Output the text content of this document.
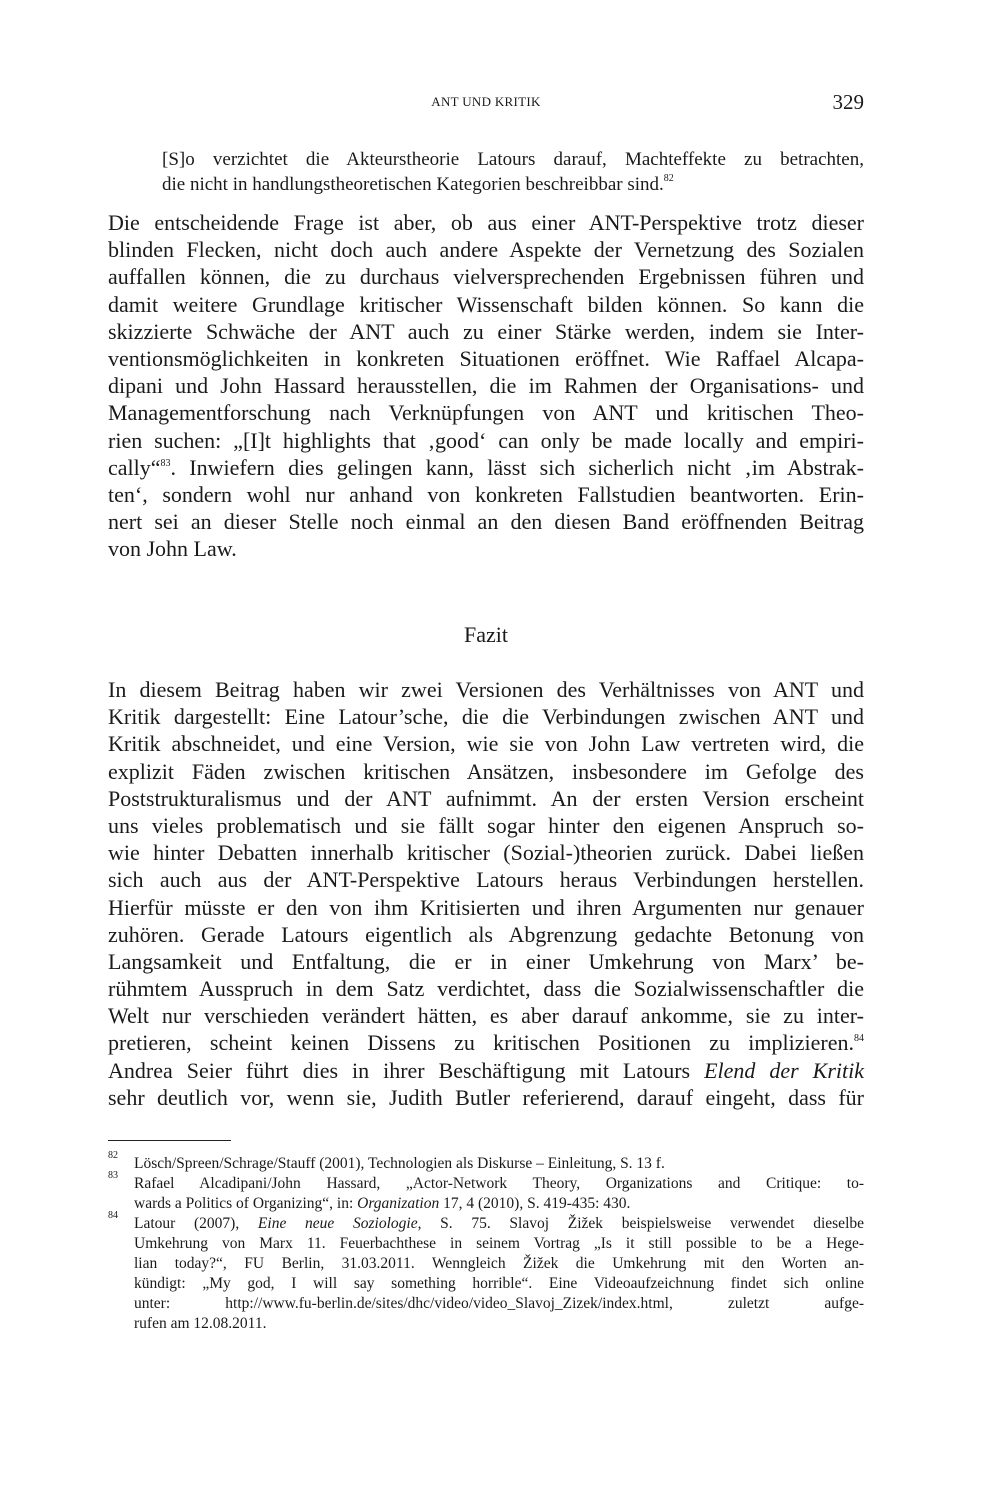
ANT UND KRITIK	329
[S]o verzichtet die Akteurstheorie Latours darauf, Machteffekte zu betrachten,
die nicht in handlungstheoretischen Kategorien beschreibbar sind.$^{82}$
Die entscheidende Frage ist aber, ob aus einer ANT-Perspektive trotz dieser
blinden Flecken, nicht doch auch andere Aspekte der Vernetzung des Sozialen
auffallen können, die zu durchaus vielversprechenden Ergebnissen führen und
damit weitere Grundlage kritischer Wissenschaft bilden können. So kann die
skizzierte Schwäche der ANT auch zu einer Stärke werden, indem sie Inter-
ventionsmöglichkeiten in konkreten Situationen eröffnet. Wie Raffael Alcapa-
dipani und John Hassard herausstellen, die im Rahmen der Organisations- und
Managementforschung nach Verknüpfungen von ANT und kritischen Theo-
rien suchen: „[I]t highlights that ‚good‘ can only be made locally and empiri-
cally“$^{83}$. Inwiefern dies gelingen kann, lässt sich sicherlich nicht ‚im Abstrak-
ten‘, sondern wohl nur anhand von konkreten Fallstudien beantworten. Erin-
nert sei an dieser Stelle noch einmal an den diesen Band eröffnenden Beitrag
von John Law.
Fazit
In diesem Beitrag haben wir zwei Versionen des Verhältnisses von ANT und
Kritik dargestellt: Eine Latour’sche, die die Verbindungen zwischen ANT und
Kritik abschneidet, und eine Version, wie sie von John Law vertreten wird, die
explizit Fäden zwischen kritischen Ansätzen, insbesondere im Gefolge des
Poststrukturalismus und der ANT aufnimmt. An der ersten Version erscheint
uns vieles problematisch und sie fällt sogar hinter den eigenen Anspruch so-
wie hinter Debatten innerhalb kritischer (Sozial-)theorien zurück. Dabei ließen
sich auch aus der ANT-Perspektive Latours heraus Verbindungen herstellen.
Hierfür müsste er den von ihm Kritisierten und ihren Argumenten nur genauer
zuhören. Gerade Latours eigentlich als Abgrenzung gedachte Betonung von
Langsamkeit und Entfaltung, die er in einer Umkehrung von Marx’ be-
rühmtem Ausspruch in dem Satz verdichtet, dass die Sozialwissenschaftler die
Welt nur verschieden verändert hätten, es aber darauf ankomme, sie zu inter-
pretieren, scheint keinen Dissens zu kritischen Positionen zu implizieren.$^{84}$
Andrea Seier führt dies in ihrer Beschäftigung mit Latours Elend der Kritik
sehr deutlich vor, wenn sie, Judith Butler referierend, darauf eingeht, dass für
82 Lösch/Spreen/Schrage/Stauff (2001), Technologien als Diskurse – Einleitung, S. 13 f.
83 Rafael Alcadipani/John Hassard, „Actor-Network Theory, Organizations and Critique: to-
wards a Politics of Organizing“, in: Organization 17, 4 (2010), S. 419-435: 430.
84 Latour (2007), Eine neue Soziologie, S. 75. Slavoj Žižek beispielsweise verwendet dieselbe
Umkehrung von Marx 11. Feuerbachthese in seinem Vortrag „Is it still possible to be a Hege-
lian today?“, FU Berlin, 31.03.2011. Wenngleich Žižek die Umkehrung mit den Worten an-
kündigt: „My god, I will say something horrible“. Eine Videoaufzeichnung findet sich online
unter: http://www.fu-berlin.de/sites/dhc/video/video_Slavoj_Zizek/index.html, zuletzt aufge-
rufen am 12.08.2011.
